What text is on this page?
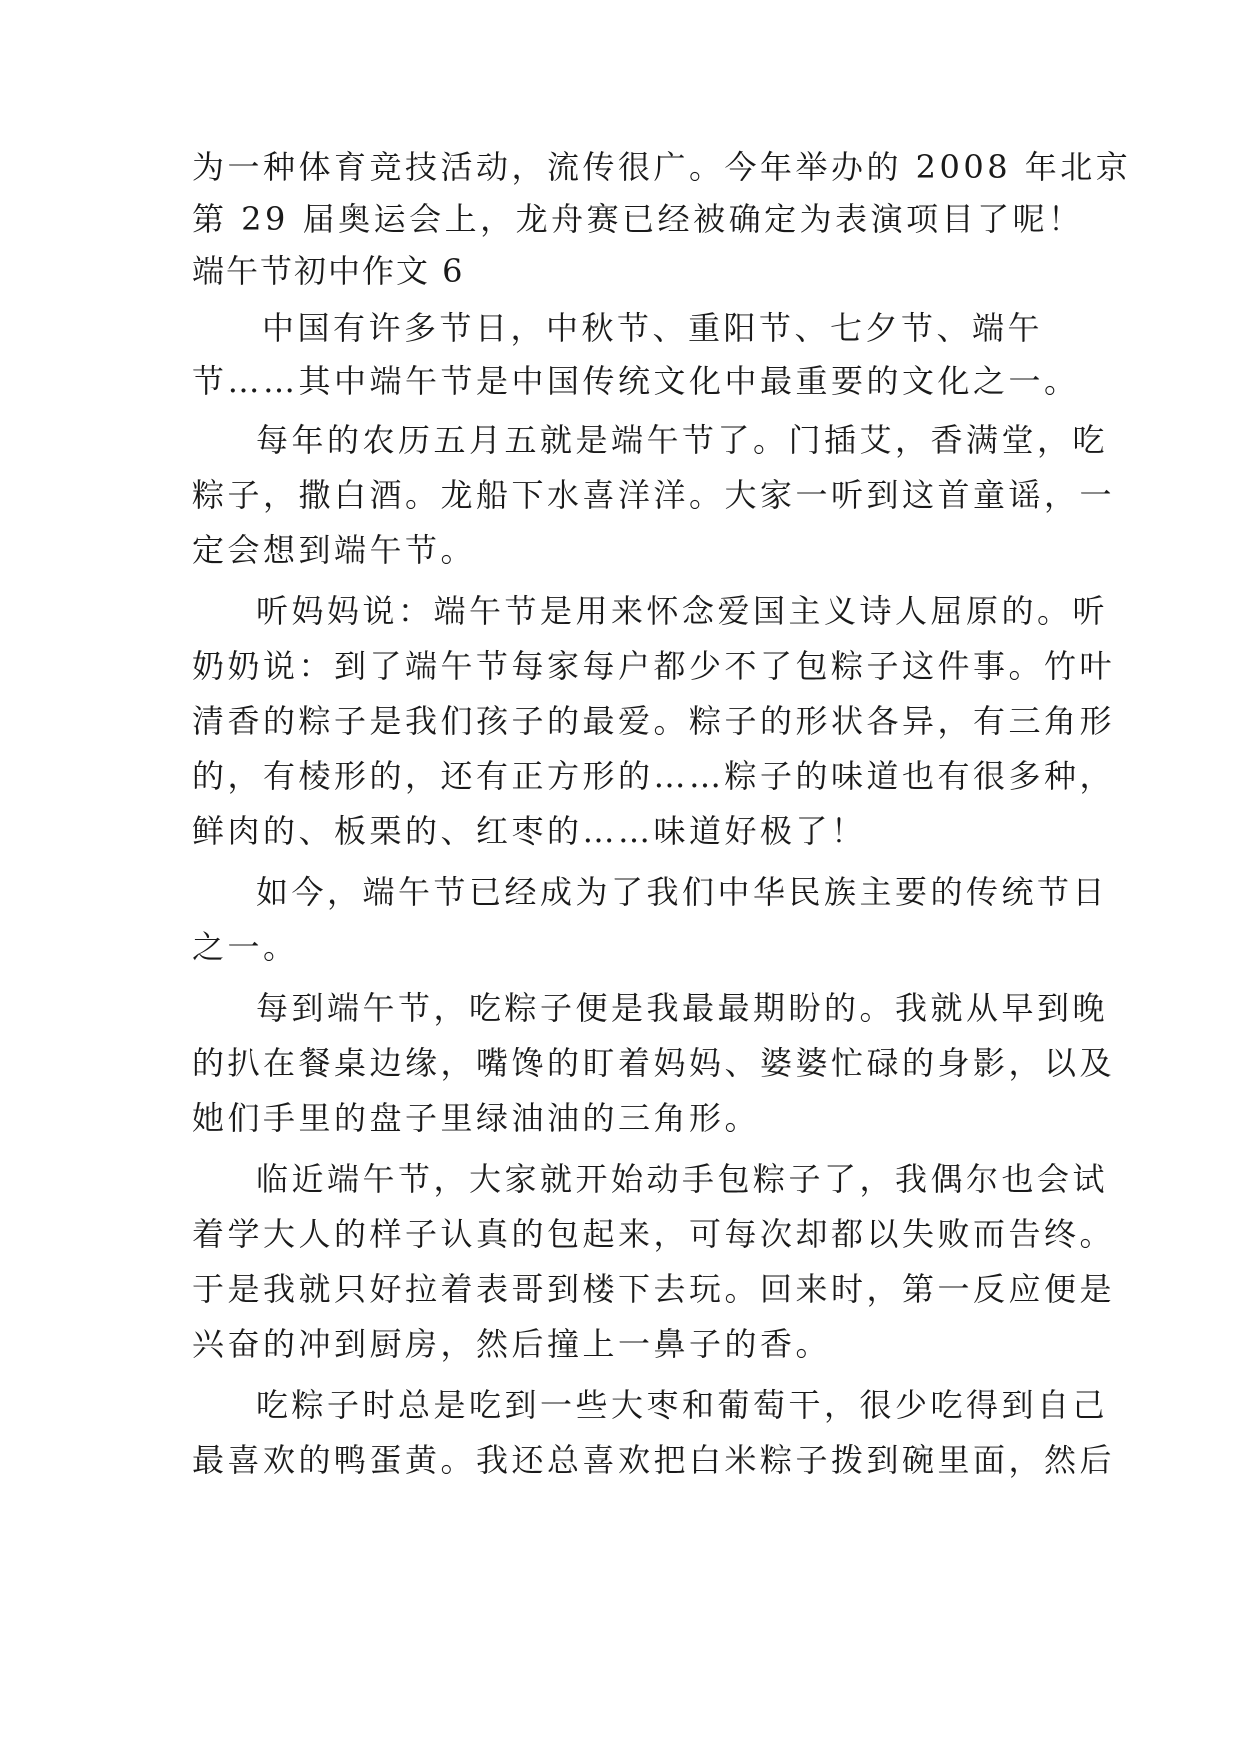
为一种体育竞技活动，流传很广。今年举办的 2008 年北京
第 29 届奥运会上，龙舟赛已经被确定为表演项目了呢！
端午节初中作文 6
中国有许多节日，中秋节、重阳节、七夕节、端午
节……其中端午节是中国传统文化中最重要的文化之一。
每年的农历五月五就是端午节了。门插艾，香满堂，吃
粽子，撒白酒。龙船下水喜洋洋。大家一听到这首童谣，一
定会想到端午节。
听妈妈说：端午节是用来怀念爱国主义诗人屈原的。听
奶奶说：到了端午节每家每户都少不了包粽子这件事。竹叶
清香的粽子是我们孩子的最爱。粽子的形状各异，有三角形
的，有棱形的，还有正方形的……粽子的味道也有很多种，
鲜肉的、板栗的、红枣的……味道好极了！
如今，端午节已经成为了我们中华民族主要的传统节日
之一。
每到端午节，吃粽子便是我最最期盼的。我就从早到晚
的扒在餐桌边缘，嘴馋的盯着妈妈、婆婆忙碌的身影，以及
她们手里的盘子里绿油油的三角形。
临近端午节，大家就开始动手包粽子了，我偶尔也会试
着学大人的样子认真的包起来，可每次却都以失败而告终。
于是我就只好拉着表哥到楼下去玩。回来时，第一反应便是
兴奋的冲到厨房，然后撞上一鼻子的香。
吃粽子时总是吃到一些大枣和葡萄干，很少吃得到自己
最喜欢的鸭蛋黄。我还总喜欢把白米粽子拨到碗里面，然后
